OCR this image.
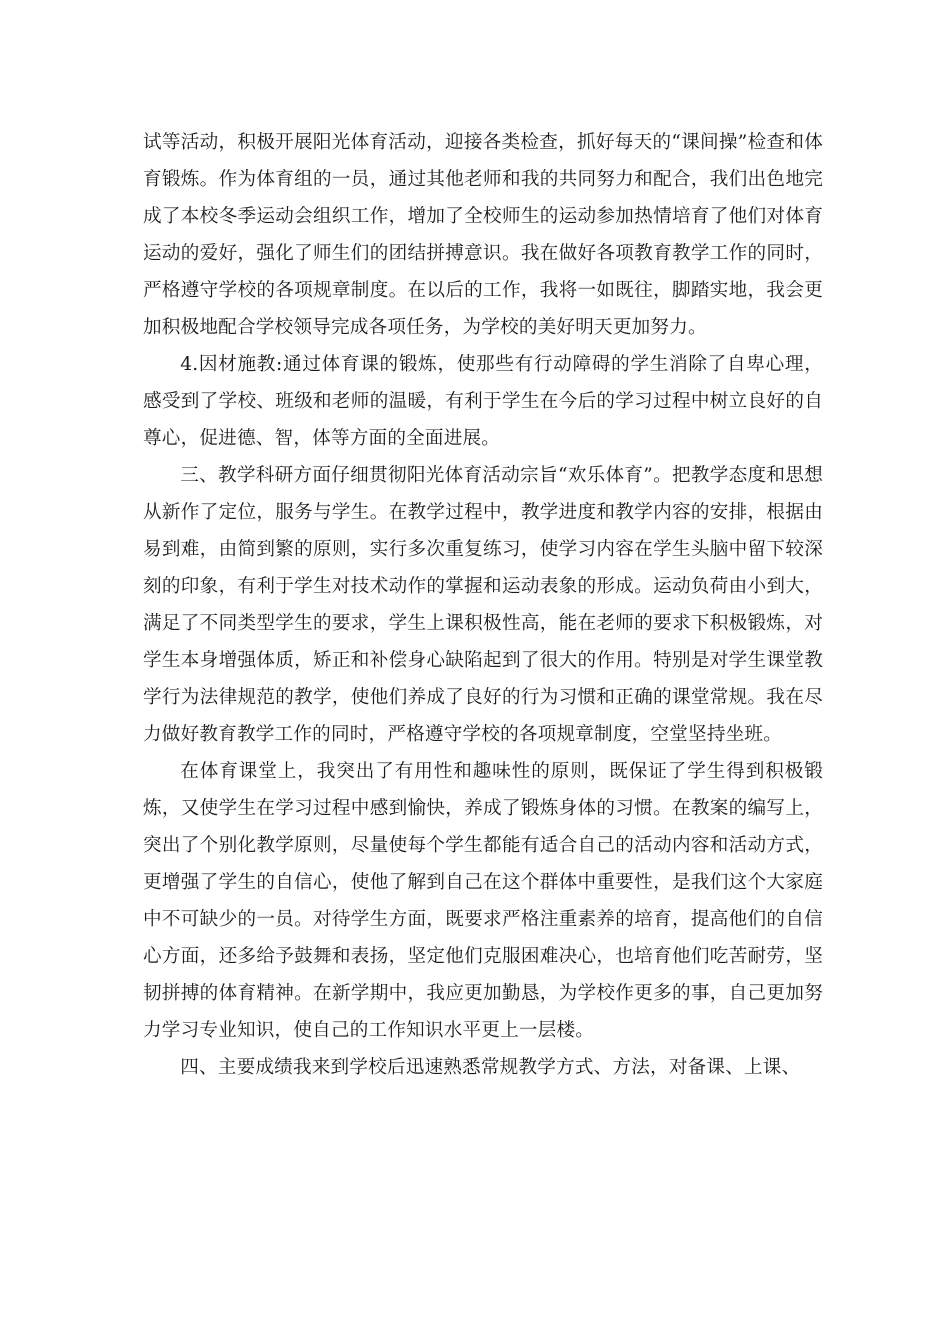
试等活动，积极开展阳光体育活动，迎接各类检查，抓好每天的“课间操”检查和体育锻炼。作为体育组的一员，通过其他老师和我的共同努力和配合，我们出色地完成了本校冬季运动会组织工作，增加了全校师生的运动参加热情培育了他们对体育运动的爱好，强化了师生们的团结拼搏意识。我在做好各项教育教学工作的同时，严格遵守学校的各项规章制度。在以后的工作，我将一如既往，脚踏实地，我会更加积极地配合学校领导完成各项任务，为学校的美好明天更加努力。

4.因材施教:通过体育课的锻炼，使那些有行动障碍的学生消除了自卑心理，感受到了学校、班级和老师的温暖，有利于学生在今后的学习过程中树立良好的自尊心，促进德、智，体等方面的全面进展。

三、教学科研方面仔细贯彻阳光体育活动宗旨“欢乐体育”。把教学态度和思想从新作了定位，服务与学生。在教学过程中，教学进度和教学内容的安排，根据由易到难，由简到繁的原则，实行多次重复练习，使学习内容在学生头脑中留下较深刻的印象，有利于学生对技术动作的掌握和运动表象的形成。运动负荷由小到大，满足了不同类型学生的要求，学生上课积极性高，能在老师的要求下积极锻炼，对学生本身增强体质，矫正和补偿身心缺陷起到了很大的作用。特别是对学生课堂教学行为法律规范的教学，使他们养成了良好的行为习惯和正确的课堂常规。我在尽力做好教育教学工作的同时，严格遵守学校的各项规章制度，空堂坚持坐班。

在体育课堂上，我突出了有用性和趣味性的原则，既保证了学生得到积极锻炼，又使学生在学习过程中感到愉快，养成了锻炼身体的习惯。在教案的编写上，突出了个别化教学原则，尽量使每个学生都能有适合自己的活动内容和活动方式，更增强了学生的自信心，使他了解到自己在这个群体中重要性，是我们这个大家庭中不可缺少的一员。对待学生方面，既要求严格注重素养的培育，提高他们的自信心方面，还多给予鼓舞和表扬，坚定他们克服困难决心，也培育他们吃苦耐劳，坚韧拼搏的体育精神。在新学期中，我应更加勤恳，为学校作更多的事，自己更加努力学习专业知识，使自己的工作知识水平更上一层楼。

四、主要成绩我来到学校后迅速熟悉常规教学方式、方法，对备课、上课、
